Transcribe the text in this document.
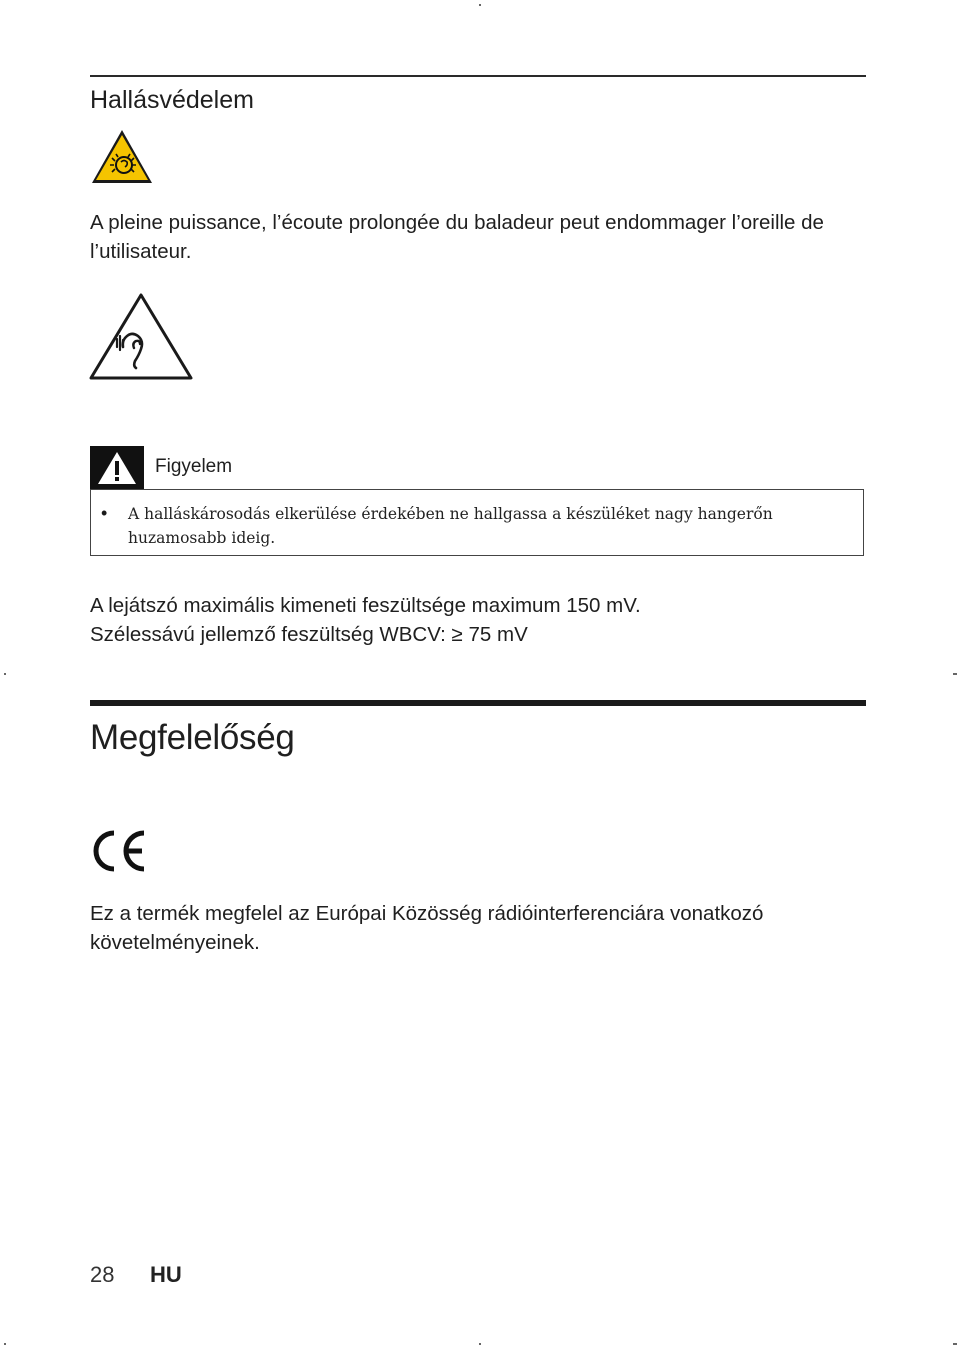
Hallásvédelem

A pleine puissance, l’écoute prolongée du baladeur peut endommager l’oreille de l’utilisateur.

Figyelem
• A halláskárosodás elkerülése érdekében ne hallgassa a készüléket nagy hangerőn huzamosabb ideig.

A lejátszó maximális kimeneti feszültsége maximum 150 mV.

Szélessávú jellemző feszültség WBCV: ≥ 75 mV

Megfelelőség

Ez a termék megfelel az Európai Közösség rádióinterferenciára vonatkozó követelményeinek.

28 HU
